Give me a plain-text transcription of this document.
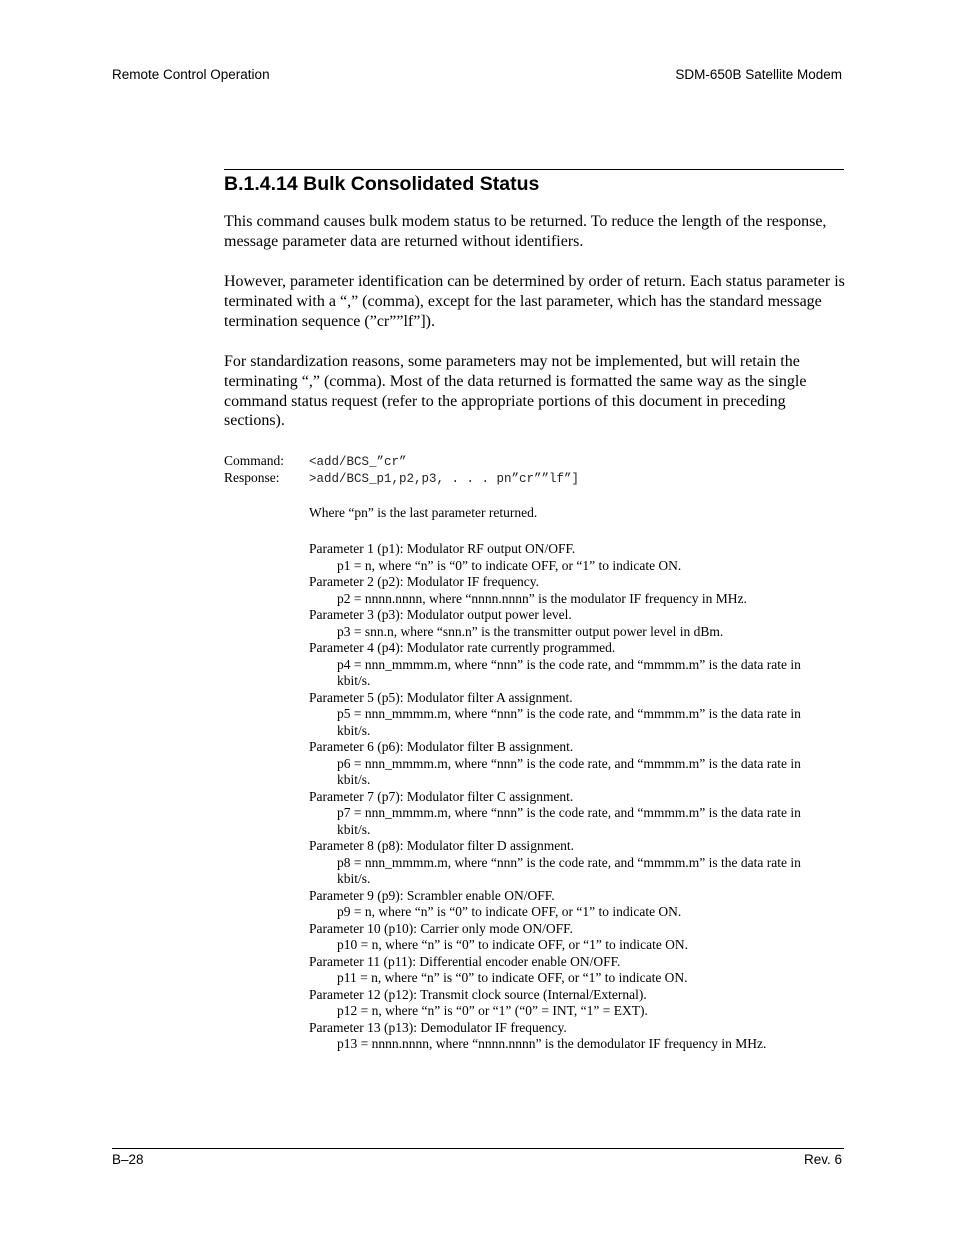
Remote Control Operation	SDM-650B Satellite Modem
B.1.4.14 Bulk Consolidated Status

This command causes bulk modem status to be returned. To reduce the length of the response, message parameter data are returned without identifiers.

However, parameter identification can be determined by order of return. Each status parameter is terminated with a “,” (comma), except for the last parameter, which has the standard message termination sequence (”cr””lf”]).

For standardization reasons, some parameters may not be implemented, but will retain the terminating “,” (comma). Most of the data returned is formatted the same way as the single command status request (refer to the appropriate portions of this document in preceding sections).

Command: <add/BCS_”cr”
Response: >add/BCS_p1,p2,p3, . . . pn”cr””lf”]
Where “pn” is the last parameter returned.

Parameter 1 (p1): Modulator RF output ON/OFF.

p1 = n, where “n” is “0” to indicate OFF, or “1” to indicate ON.

Parameter 2 (p2): Modulator IF frequency.

p2 = nnnn.nnnn, where “nnnn.nnnn” is the modulator IF frequency in MHz.

Parameter 3 (p3): Modulator output power level.

p3 = snn.n, where “snn.n” is the transmitter output power level in dBm.

Parameter 4 (p4): Modulator rate currently programmed.

p4 = nnn_mmmm.m, where “nnn” is the code rate, and “mmmm.m” is the data rate in kbit/s.

Parameter 5 (p5): Modulator filter A assignment.

p5 = nnn_mmmm.m, where “nnn” is the code rate, and “mmmm.m” is the data rate in kbit/s.

Parameter 6 (p6): Modulator filter B assignment.

p6 = nnn_mmmm.m, where “nnn” is the code rate, and “mmmm.m” is the data rate in kbit/s.

Parameter 7 (p7): Modulator filter C assignment.

p7 = nnn_mmmm.m, where “nnn” is the code rate, and “mmmm.m” is the data rate in kbit/s.

Parameter 8 (p8): Modulator filter D assignment.

p8 = nnn_mmmm.m, where “nnn” is the code rate, and “mmmm.m” is the data rate in kbit/s.

Parameter 9 (p9): Scrambler enable ON/OFF.

p9 = n, where “n” is “0” to indicate OFF, or “1” to indicate ON.

Parameter 10 (p10): Carrier only mode ON/OFF.

p10 = n, where “n” is “0” to indicate OFF, or “1” to indicate ON.

Parameter 11 (p11): Differential encoder enable ON/OFF.

p11 = n, where “n” is “0” to indicate OFF, or “1” to indicate ON.

Parameter 12 (p12): Transmit clock source (Internal/External).

p12 = n, where “n” is “0” or “1” (“0” = INT, “1” = EXT).

Parameter 13 (p13): Demodulator IF frequency.

p13 = nnnn.nnnn, where “nnnn.nnnn” is the demodulator IF frequency in MHz.

B–28	Rev. 6
